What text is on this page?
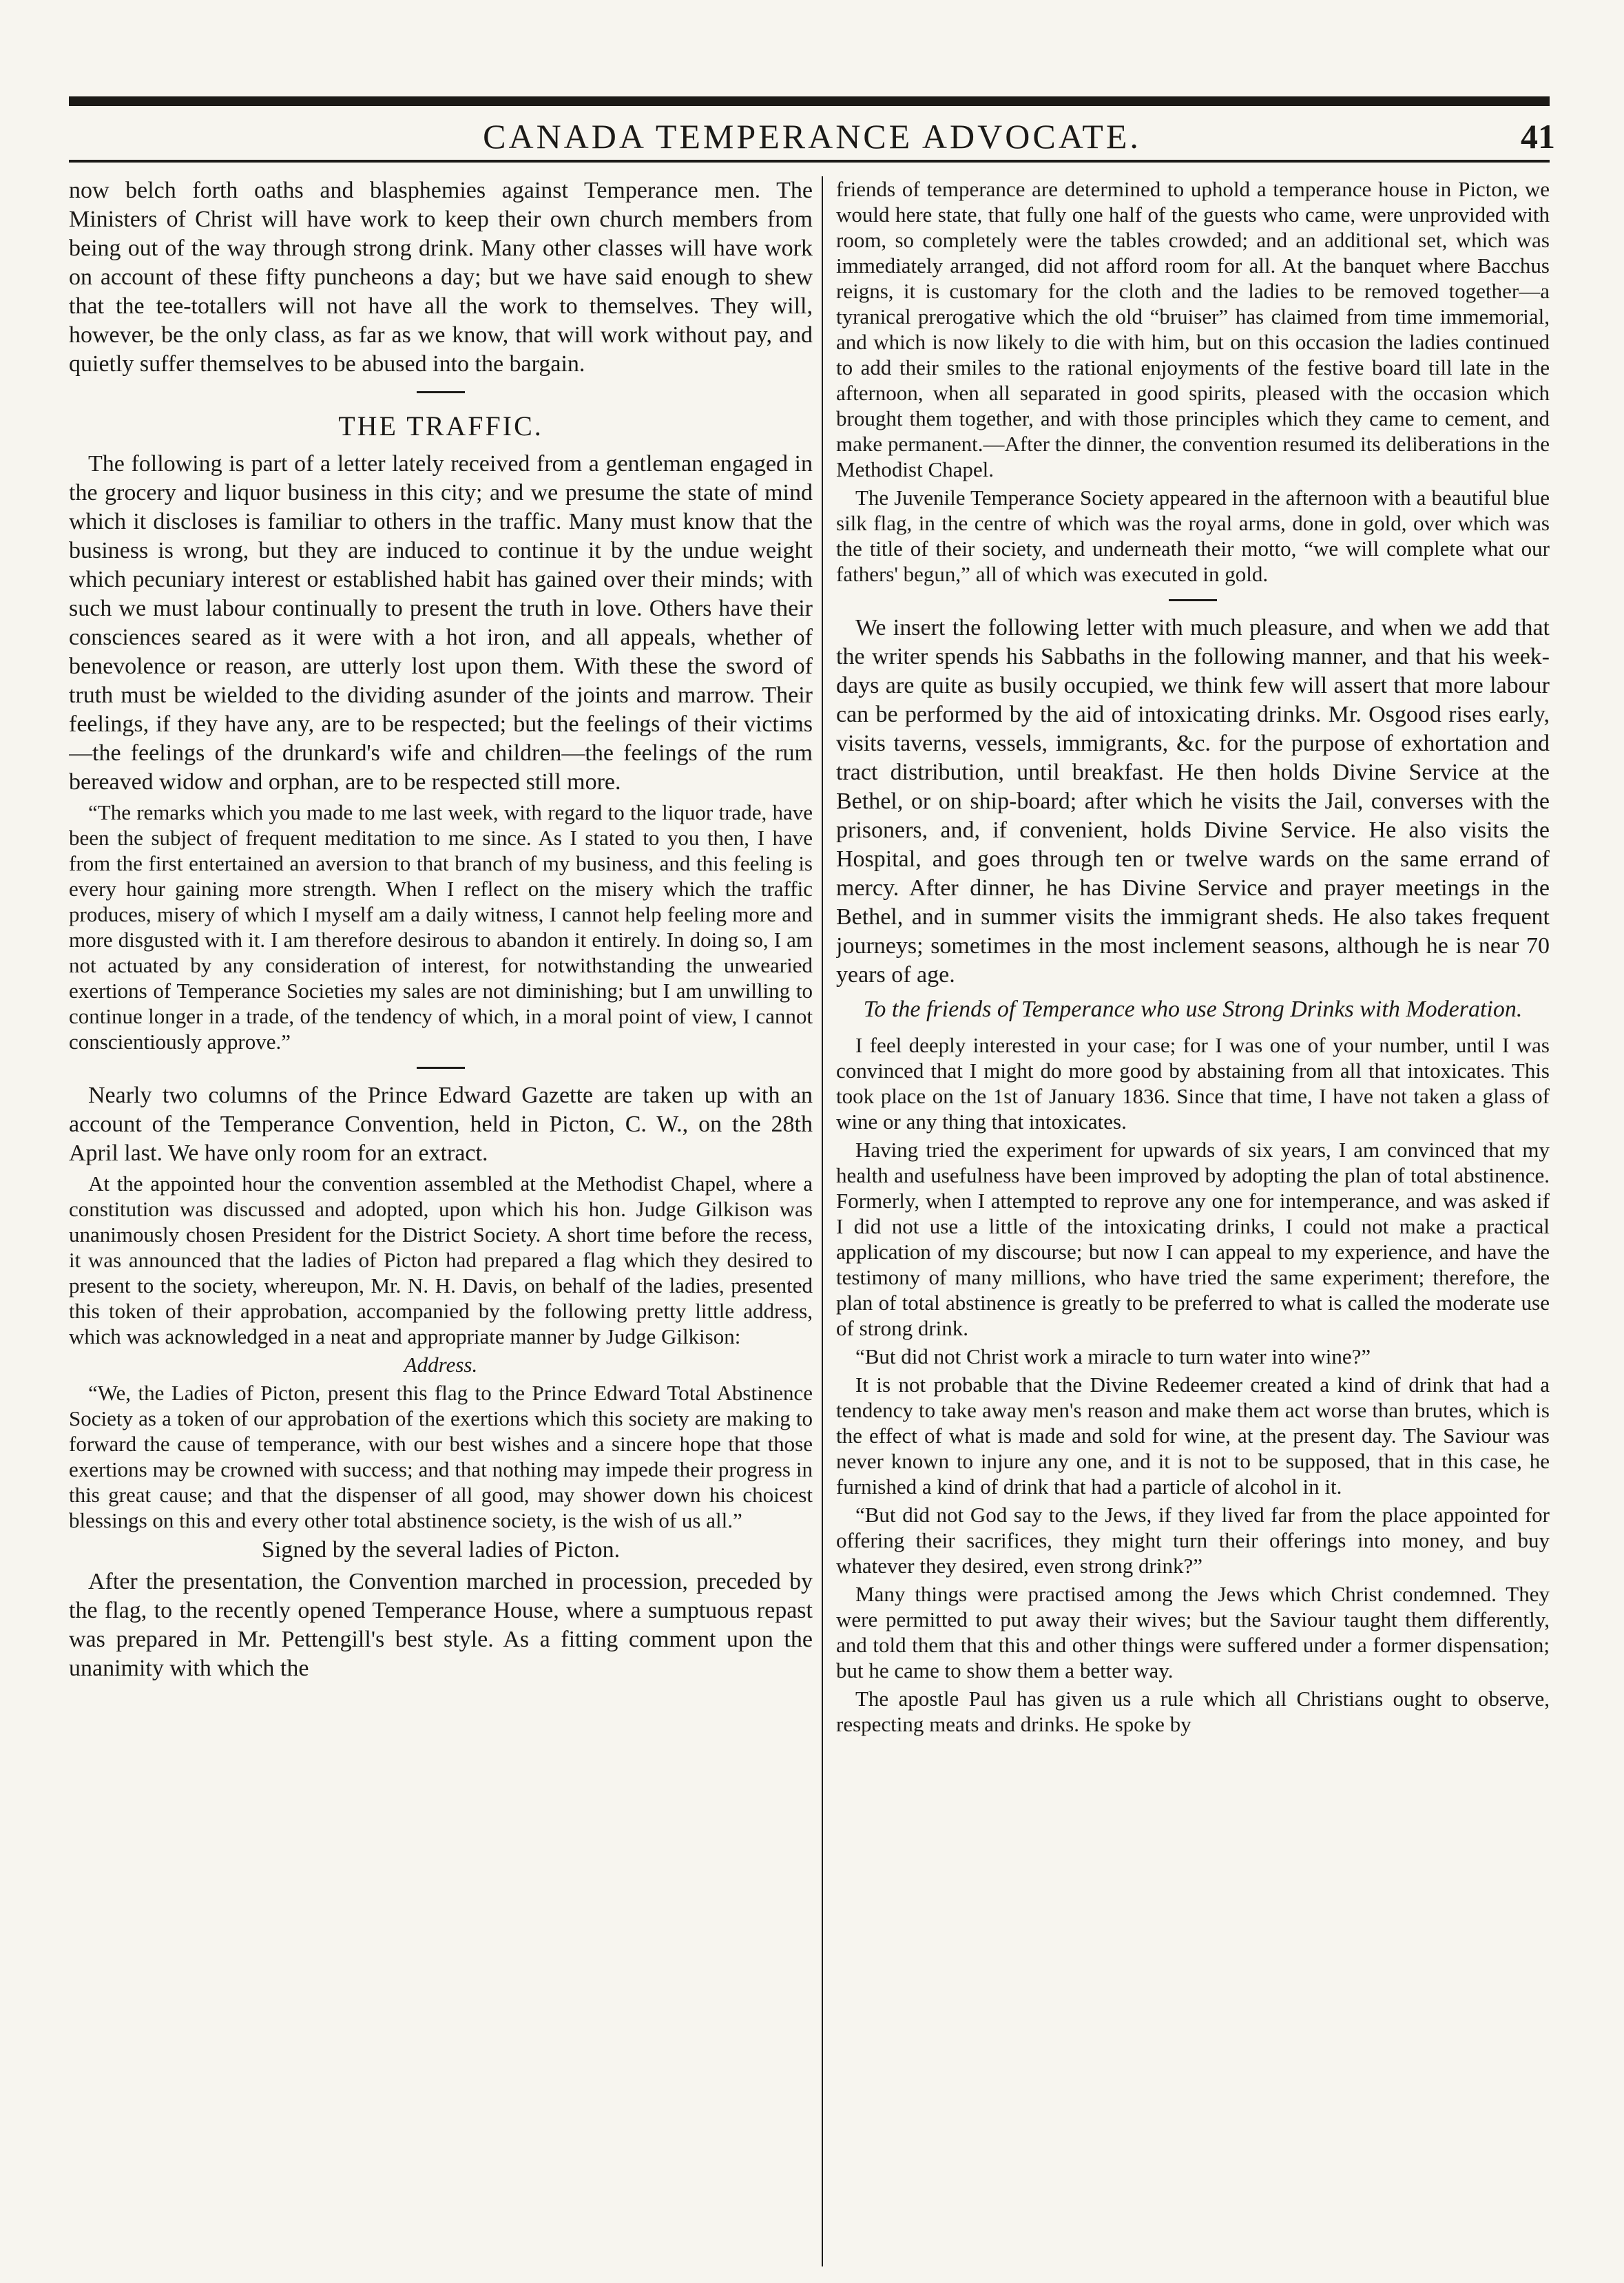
CANADA TEMPERANCE ADVOCATE.	41

now belch forth oaths and blasphemies against Temperance men. The Ministers of Christ will have work to keep their own church members from being out of the way through strong drink. Many other classes will have work on account of these fifty puncheons a day; but we have said enough to shew that the tee-totallers will not have all the work to themselves. They will, however, be the only class, as far as we know, that will work without pay, and quietly suffer themselves to be abused into the bargain.

THE TRAFFIC.

The following is part of a letter lately received from a gentleman engaged in the grocery and liquor business in this city; and we presume the state of mind which it discloses is familiar to others in the traffic. Many must know that the business is wrong, but they are induced to continue it by the undue weight which pecuniary interest or established habit has gained over their minds; with such we must labour continually to present the truth in love. Others have their consciences seared as it were with a hot iron, and all appeals, whether of benevolence or reason, are utterly lost upon them. With these the sword of truth must be wielded to the dividing asunder of the joints and marrow. Their feelings, if they have any, are to be respected; but the feelings of their victims—the feelings of the drunkard's wife and children—the feelings of the rum bereaved widow and orphan, are to be respected still more.

“The remarks which you made to me last week, with regard to the liquor trade, have been the subject of frequent meditation to me since. As I stated to you then, I have from the first entertained an aversion to that branch of my business, and this feeling is every hour gaining more strength. When I reflect on the misery which the traffic produces, misery of which I myself am a daily witness, I cannot help feeling more and more disgusted with it. I am therefore desirous to abandon it entirely. In doing so, I am not actuated by any consideration of interest, for notwithstanding the unwearied exertions of Temperance Societies my sales are not diminishing; but I am unwilling to continue longer in a trade, of the tendency of which, in a moral point of view, I cannot conscientiously approve.”

Nearly two columns of the Prince Edward Gazette are taken up with an account of the Temperance Convention, held in Picton, C. W., on the 28th April last. We have only room for an extract.

At the appointed hour the convention assembled at the Methodist Chapel, where a constitution was discussed and adopted, upon which his hon. Judge Gilkison was unanimously chosen President for the District Society. A short time before the recess, it was announced that the ladies of Picton had prepared a flag which they desired to present to the society, whereupon, Mr. N. H. Davis, on behalf of the ladies, presented this token of their approbation, accompanied by the following pretty little address, which was acknowledged in a neat and appropriate manner by Judge Gilkison:

Address.

“We, the Ladies of Picton, present this flag to the Prince Edward Total Abstinence Society as a token of our approbation of the exertions which this society are making to forward the cause of temperance, with our best wishes and a sincere hope that those exertions may be crowned with success; and that nothing may impede their progress in this great cause; and that the dispenser of all good, may shower down his choicest blessings on this and every other total abstinence society, is the wish of us all.”

Signed by the several ladies of Picton.

After the presentation, the Convention marched in procession, preceded by the flag, to the recently opened Temperance House, where a sumptuous repast was prepared in Mr. Pettengill's best style. As a fitting comment upon the unanimity with which the

friends of temperance are determined to uphold a temperance house in Picton, we would here state, that fully one half of the guests who came, were unprovided with room, so completely were the tables crowded; and an additional set, which was immediately arranged, did not afford room for all. At the banquet where Bacchus reigns, it is customary for the cloth and the ladies to be removed together—a tyranical prerogative which the old “bruiser” has claimed from time immemorial, and which is now likely to die with him, but on this occasion the ladies continued to add their smiles to the rational enjoyments of the festive board till late in the afternoon, when all separated in good spirits, pleased with the occasion which brought them together, and with those principles which they came to cement, and make permanent.—After the dinner, the convention resumed its deliberations in the Methodist Chapel.

The Juvenile Temperance Society appeared in the afternoon with a beautiful blue silk flag, in the centre of which was the royal arms, done in gold, over which was the title of their society, and underneath their motto, “we will complete what our fathers' begun,” all of which was executed in gold.

We insert the following letter with much pleasure, and when we add that the writer spends his Sabbaths in the following manner, and that his week-days are quite as busily occupied, we think few will assert that more labour can be performed by the aid of intoxicating drinks. Mr. Osgood rises early, visits taverns, vessels, immigrants, &c. for the purpose of exhortation and tract distribution, until breakfast. He then holds Divine Service at the Bethel, or on ship-board; after which he visits the Jail, converses with the prisoners, and, if convenient, holds Divine Service. He also visits the Hospital, and goes through ten or twelve wards on the same errand of mercy. After dinner, he has Divine Service and prayer meetings in the Bethel, and in summer visits the immigrant sheds. He also takes frequent journeys; sometimes in the most inclement seasons, although he is near 70 years of age.

To the friends of Temperance who use Strong Drinks with Moderation.

I feel deeply interested in your case; for I was one of your number, until I was convinced that I might do more good by abstaining from all that intoxicates. This took place on the 1st of January 1836. Since that time, I have not taken a glass of wine or any thing that intoxicates.

Having tried the experiment for upwards of six years, I am convinced that my health and usefulness have been improved by adopting the plan of total abstinence. Formerly, when I attempted to reprove any one for intemperance, and was asked if I did not use a little of the intoxicating drinks, I could not make a practical application of my discourse; but now I can appeal to my experience, and have the testimony of many millions, who have tried the same experiment; therefore, the plan of total abstinence is greatly to be preferred to what is called the moderate use of strong drink.

“But did not Christ work a miracle to turn water into wine?”

It is not probable that the Divine Redeemer created a kind of drink that had a tendency to take away men's reason and make them act worse than brutes, which is the effect of what is made and sold for wine, at the present day. The Saviour was never known to injure any one, and it is not to be supposed, that in this case, he furnished a kind of drink that had a particle of alcohol in it.

“But did not God say to the Jews, if they lived far from the place appointed for offering their sacrifices, they might turn their offerings into money, and buy whatever they desired, even strong drink?”

Many things were practised among the Jews which Christ condemned. They were permitted to put away their wives; but the Saviour taught them differently, and told them that this and other things were suffered under a former dispensation; but he came to show them a better way.

The apostle Paul has given us a rule which all Christians ought to observe, respecting meats and drinks. He spoke by
